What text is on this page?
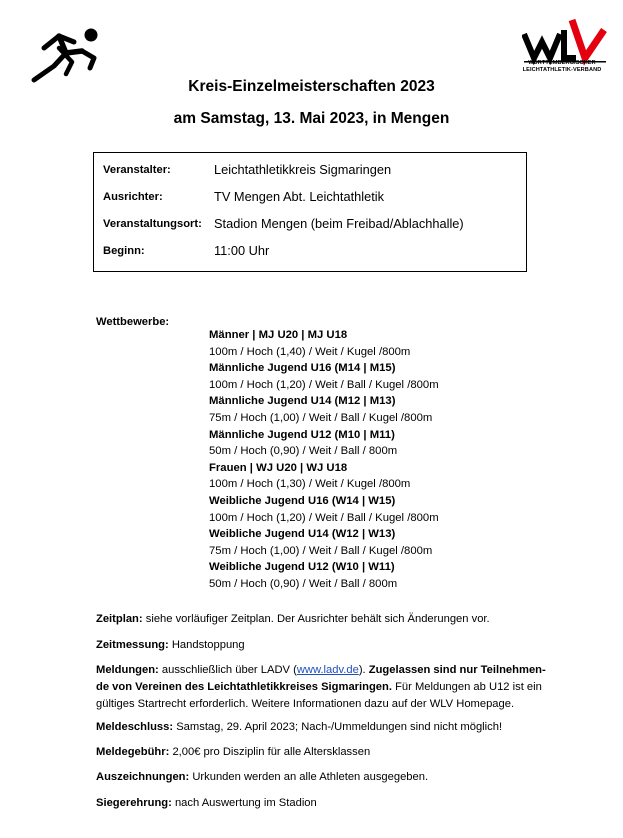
WÜRTTEMBERGISCHER
LEICHTATHLETIK-VERBAND
Kreis-Einzelmeisterschaften 2023
am Samstag, 13. Mai 2023, in Mengen
Veranstalter:	Leichtathletikkreis Sigmaringen
Ausrichter:	TV Mengen Abt. Leichtathletik
Veranstaltungsort: Stadion Mengen (beim Freibad/Ablachhalle)
Beginn:	11:00 Uhr
Wettbewerbe:
Männer | MJ U20 | MJ U18
100m / Hoch (1,40) / Weit / Kugel /800m
Männliche Jugend U16 (M14 | M15)
100m / Hoch (1,20) / Weit / Ball / Kugel /800m
Männliche Jugend U14 (M12 | M13)
75m / Hoch (1,00) / Weit / Ball / Kugel /800m
Männliche Jugend U12 (M10 | M11)
50m / Hoch (0,90) / Weit / Ball / 800m
Frauen | WJ U20 | WJ U18
100m / Hoch (1,30) / Weit / Kugel /800m
Weibliche Jugend U16 (W14 | W15)
100m / Hoch (1,20) / Weit / Ball / Kugel /800m
Weibliche Jugend U14 (W12 | W13)
75m / Hoch (1,00) / Weit / Ball / Kugel /800m
Weibliche Jugend U12 (W10 | W11)
50m / Hoch (0,90) / Weit / Ball / 800m
Zeitplan: siehe vorläufiger Zeitplan. Der Ausrichter behält sich Änderungen vor.
Zeitmessung: Handstoppung
Meldungen: ausschließlich über LADV (www.ladv.de). Zugelassen sind nur Teilnehmen-
de von Vereinen des Leichtathletikkreises Sigmaringen. Für Meldungen ab U12 ist ein
gültiges Startrecht erforderlich. Weitere Informationen dazu auf der WLV Homepage.
Meldeschluss: Samstag, 29. April 2023; Nach-/Ummeldungen sind nicht möglich!
Meldegebühr: 2,00€ pro Disziplin für alle Altersklassen
Auszeichnungen: Urkunden werden an alle Athleten ausgegeben.
Siegerehrung: nach Auswertung im Stadion
